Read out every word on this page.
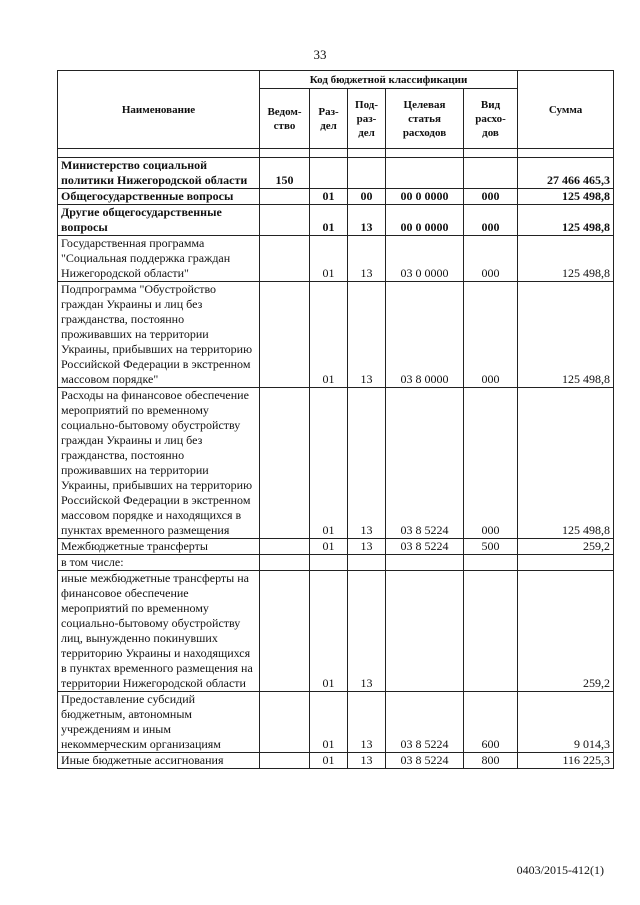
33
Наименование	Код бюджетной классификации					Сумма
	Ведом-ство	Раз-дел	Под-раз-дел	Целевая статья расходов	Вид расхо-дов	

Министерство социальной политики Нижегородской области	150					27 466 465,3
Общегосударственные вопросы		01	00	00 0 0000	000	125 498,8
Другие общегосударственные вопросы		01	13	00 0 0000	000	125 498,8
Государственная программа "Социальная поддержка граждан Нижегородской области"		01	13	03 0 0000	000	125 498,8
Подпрограмма "Обустройство граждан Украины и лиц без гражданства, постоянно проживавших на территории Украины, прибывших на территорию Российской Федерации в экстренном массовом порядке"		01	13	03 8 0000	000	125 498,8
Расходы на финансовое обеспечение мероприятий по временному социально-бытовому обустройству граждан Украины и лиц без гражданства, постоянно проживавших на территории Украины, прибывших на территорию Российской Федерации в экстренном массовом порядке и находящихся в пунктах временного размещения		01	13	03 8 5224	000	125 498,8
Межбюджетные трансферты		01	13	03 8 5224	500	259,2
в том числе:						
иные межбюджетные трансферты на финансовое обеспечение мероприятий по временному социально-бытовому обустройству лиц, вынужденно покинувших территорию Украины и находящихся в пунктах временного размещения на территории Нижегородской области		01	13			259,2
Предоставление субсидий бюджетным, автономным учреждениям и иным некоммерческим организациям		01	13	03 8 5224	600	9 014,3
Иные бюджетные ассигнования		01	13	03 8 5224	800	116 225,3
0403/2015-412(1)
